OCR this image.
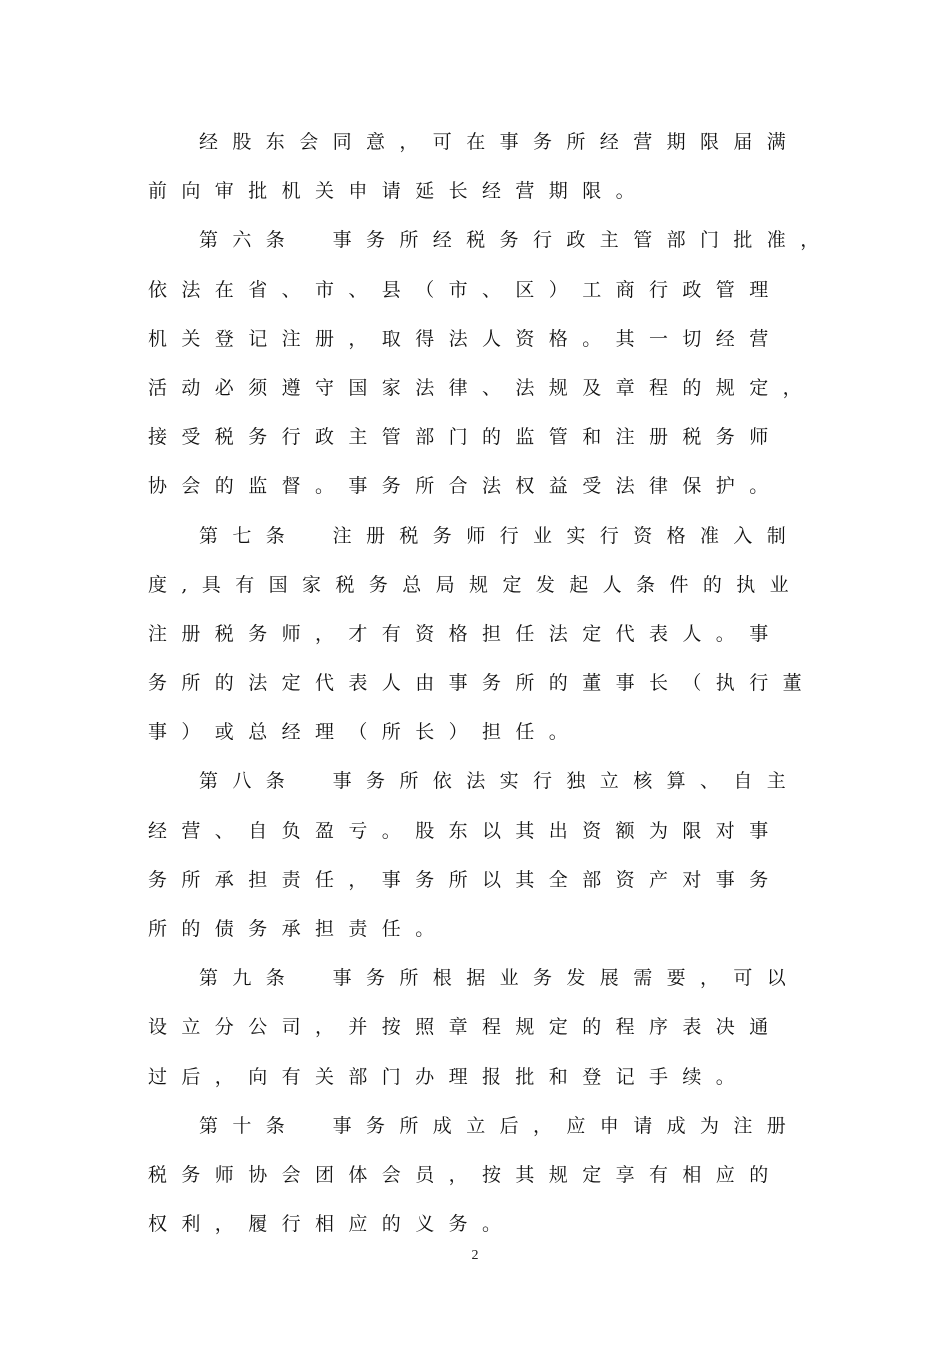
经股东会同意，可在事务所经营期限届满
前向审批机关申请延长经营期限。
第六条　事务所经税务行政主管部门批准，
依法在省、市、县（市、区）工商行政管理
机关登记注册，取得法人资格。其一切经营
活动必须遵守国家法律、法规及章程的规定，
接受税务行政主管部门的监管和注册税务师
协会的监督。事务所合法权益受法律保护。
第七条　注册税务师行业实行资格准入制
度,具有国家税务总局规定发起人条件的执业
注册税务师，才有资格担任法定代表人。事
务所的法定代表人由事务所的董事长（执行董
事）或总经理（所长）担任。
第八条　事务所依法实行独立核算、自主
经营、自负盈亏。股东以其出资额为限对事
务所承担责任，事务所以其全部资产对事务
所的债务承担责任。
第九条　事务所根据业务发展需要，可以
设立分公司，并按照章程规定的程序表决通
过后，向有关部门办理报批和登记手续。
第十条　事务所成立后，应申请成为注册
税务师协会团体会员，按其规定享有相应的
权利，履行相应的义务。
2
